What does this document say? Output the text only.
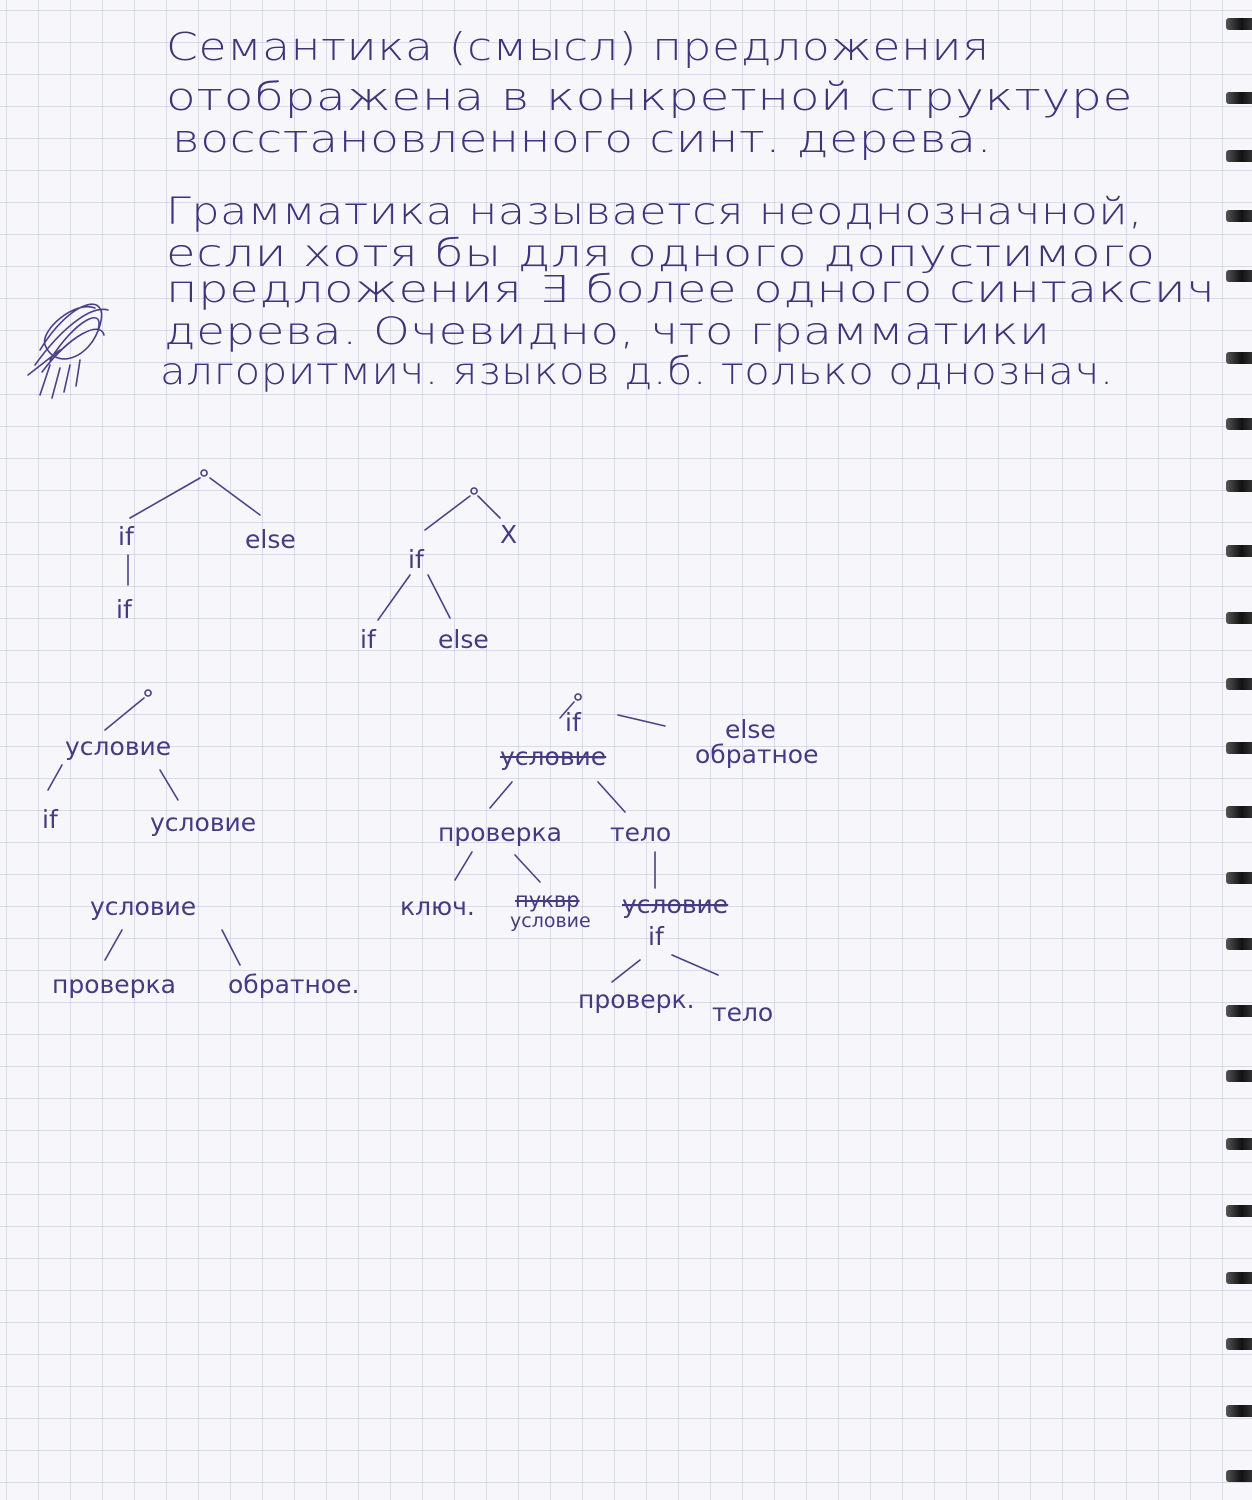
Семантика (смысл) предложения

отображена в конкретной структуре

восстановленного синт. дерева.

Грамматика называется неоднозначной,

если хотя бы для одного допустимого

предложения ∃ более одного синтаксич

дерева. Очевидно, что грамматики

алгоритмич. языков д.б. только однознач.

if	else
if
if
X
if else
условие
if	условие
условие
проверка обратное.
if
условие
else
обратное
проверка тело
ключ. пуквр
условие
условие
if
проверк. тело
